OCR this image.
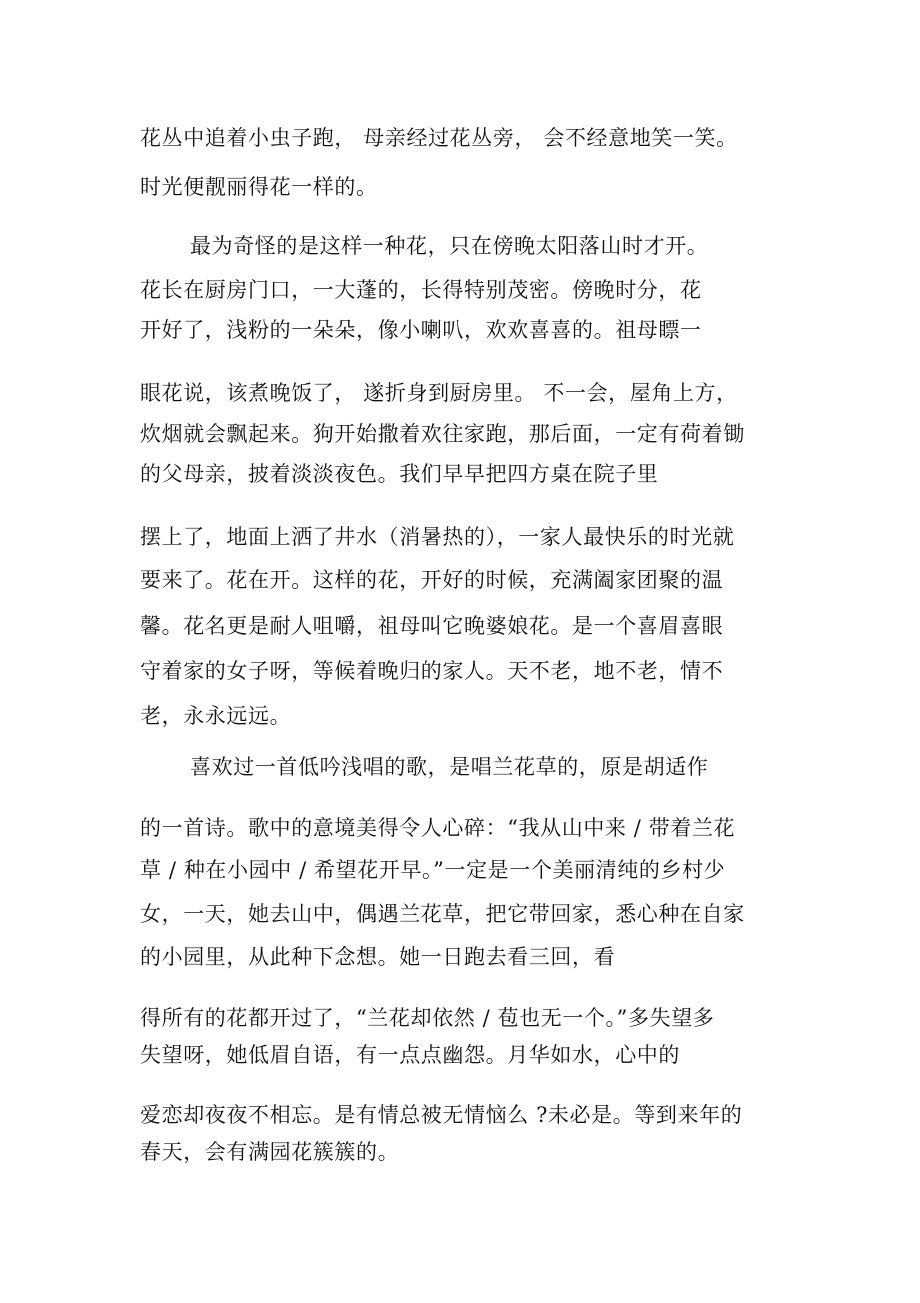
花丛中追着小虫子跑， 母亲经过花丛旁， 会不经意地笑一笑。
时光便靓丽得花一样的。
最为奇怪的是这样一种花，只在傍晚太阳落山时才开。
花长在厨房门口，一大蓬的，长得特别茂密。傍晚时分，花
开好了，浅粉的一朵朵，像小喇叭，欢欢喜喜的。祖母瞟一
眼花说，该煮晚饭了， 遂折身到厨房里。 不一会，屋角上方，
炊烟就会飘起来。狗开始撒着欢往家跑，那后面，一定有荷着锄
的父母亲，披着淡淡夜色。我们早早把四方桌在院子里
摆上了，地面上洒了井水（消暑热的），一家人最快乐的时光就
要来了。花在开。这样的花，开好的时候，充满阖家团聚的温
馨。花名更是耐人咀嚼，祖母叫它晚婆娘花。是一个喜眉喜眼
守着家的女子呀，等候着晚归的家人。天不老，地不老，情不
老，永永远远。
喜欢过一首低吟浅唱的歌，是唱兰花草的，原是胡适作
的一首诗。歌中的意境美得令人心碎：“我从山中来 / 带着兰花
草 / 种在小园中 / 希望花开早。”一定是一个美丽清纯的乡村少
女，一天，她去山中，偶遇兰花草，把它带回家，悉心种在自家
的小园里，从此种下念想。她一日跑去看三回，看
得所有的花都开过了，“兰花却依然 / 苞也无一个。”多失望多
失望呀，她低眉自语，有一点点幽怨。月华如水，心中的
爱恋却夜夜不相忘。是有情总被无情恼么 ?未必是。等到来年的
春天，会有满园花簇簇的。
